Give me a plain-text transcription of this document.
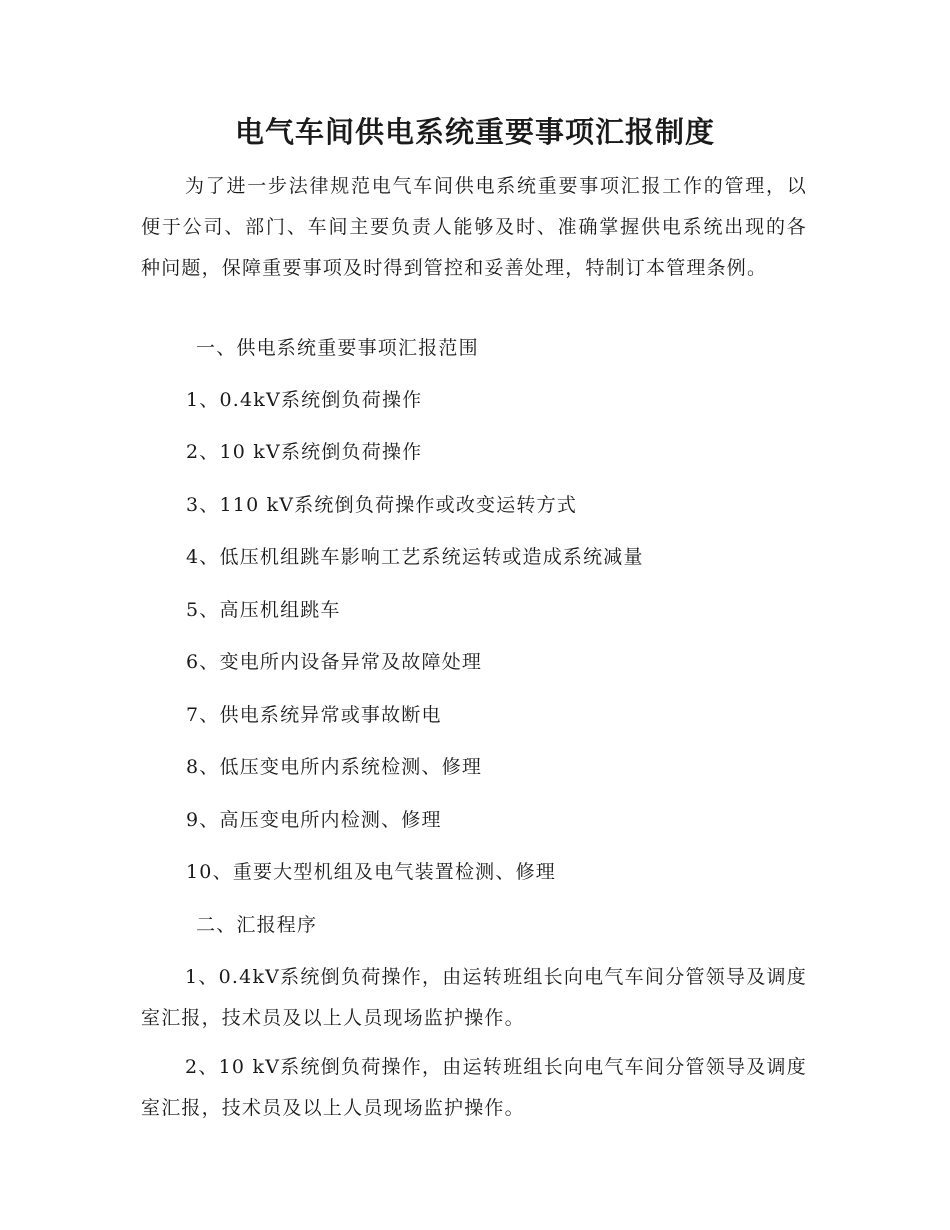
电气车间供电系统重要事项汇报制度

为了进一步法律规范电气车间供电系统重要事项汇报工作的管理，以便于公司、部门、车间主要负责人能够及时、准确掌握供电系统出现的各种问题，保障重要事项及时得到管控和妥善处理，特制订本管理条例。

一、供电系统重要事项汇报范围

1、0.4kV系统倒负荷操作

2、10 kV系统倒负荷操作

3、110 kV系统倒负荷操作或改变运转方式

4、低压机组跳车影响工艺系统运转或造成系统减量

5、高压机组跳车

6、变电所内设备异常及故障处理

7、供电系统异常或事故断电

8、低压变电所内系统检测、修理

9、高压变电所内检测、修理

10、重要大型机组及电气装置检测、修理

二、汇报程序

1、0.4kV系统倒负荷操作，由运转班组长向电气车间分管领导及调度室汇报，技术员及以上人员现场监护操作。

2、10 kV系统倒负荷操作，由运转班组长向电气车间分管领导及调度室汇报，技术员及以上人员现场监护操作。
